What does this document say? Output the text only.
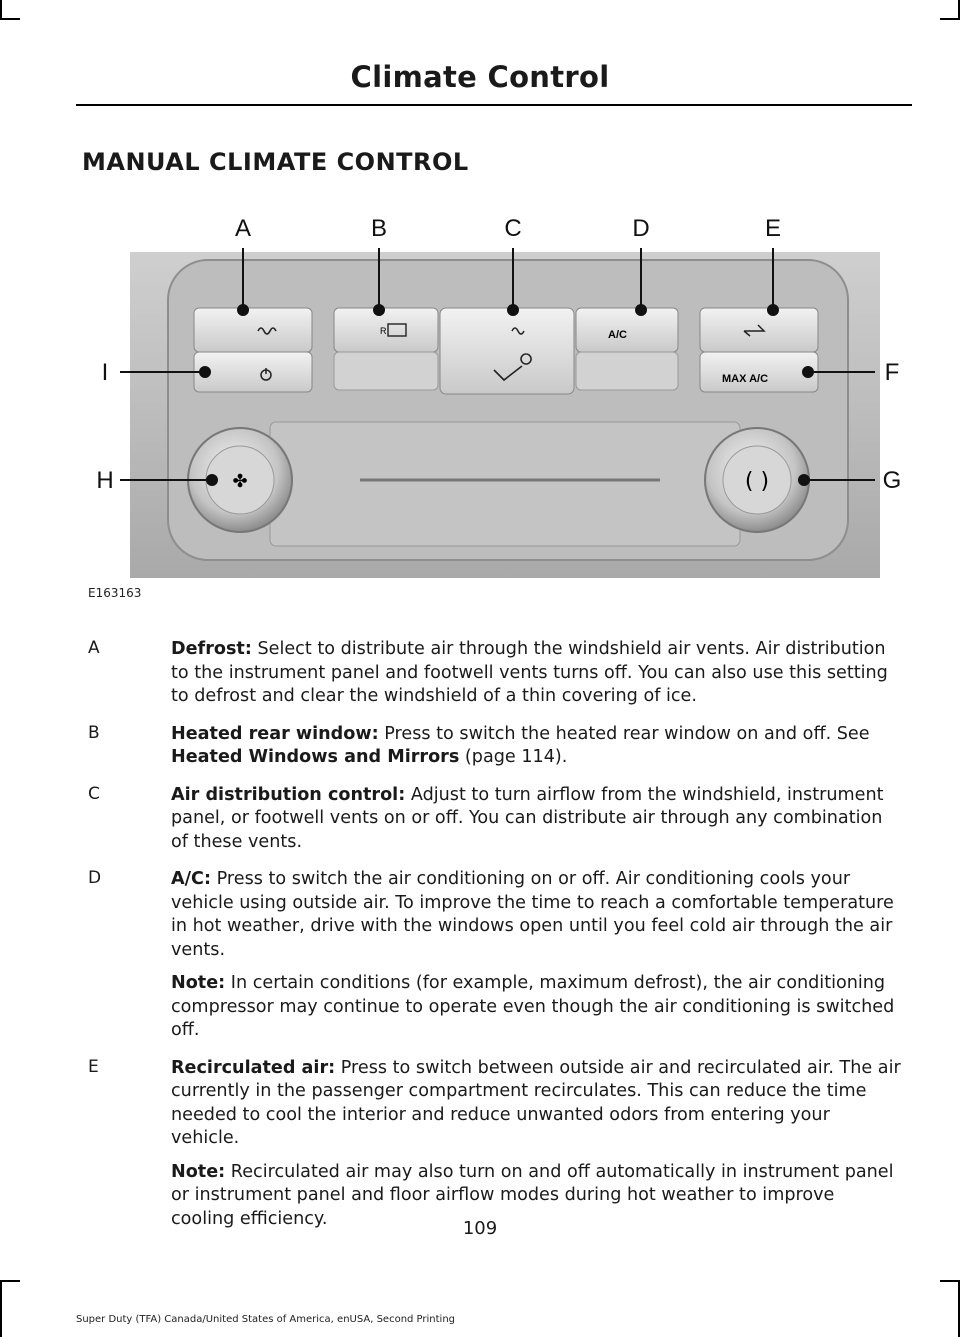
Climate Control
MANUAL CLIMATE CONTROL
R	A/C
MAX A/C
✤	( )
A	B	C	D	E
F
G
H
I
E163163
A	Defrost: Select to distribute air through the windshield air vents. Air distribution to the instrument panel and footwell vents turns off. You can also use this setting to defrost and clear the windshield of a thin covering of ice.
B	Heated rear window: Press to switch the heated rear window on and off. See Heated Windows and Mirrors (page 114).
C	Air distribution control: Adjust to turn airflow from the windshield, instrument panel, or footwell vents on or off. You can distribute air through any combination of these vents.
D	A/C: Press to switch the air conditioning on or off. Air conditioning cools your vehicle using outside air. To improve the time to reach a comfortable temperature in hot weather, drive with the windows open until you feel cold air through the air vents.
Note: In certain conditions (for example, maximum defrost), the air conditioning compressor may continue to operate even though the air conditioning is switched off.
E	Recirculated air: Press to switch between outside air and recirculated air. The air currently in the passenger compartment recirculates. This can reduce the time needed to cool the interior and reduce unwanted odors from entering your vehicle.
Note: Recirculated air may also turn on and off automatically in instrument panel or instrument panel and floor airflow modes during hot weather to improve cooling efficiency.	109
Super Duty (TFA) Canada/United States of America, enUSA, Second Printing
